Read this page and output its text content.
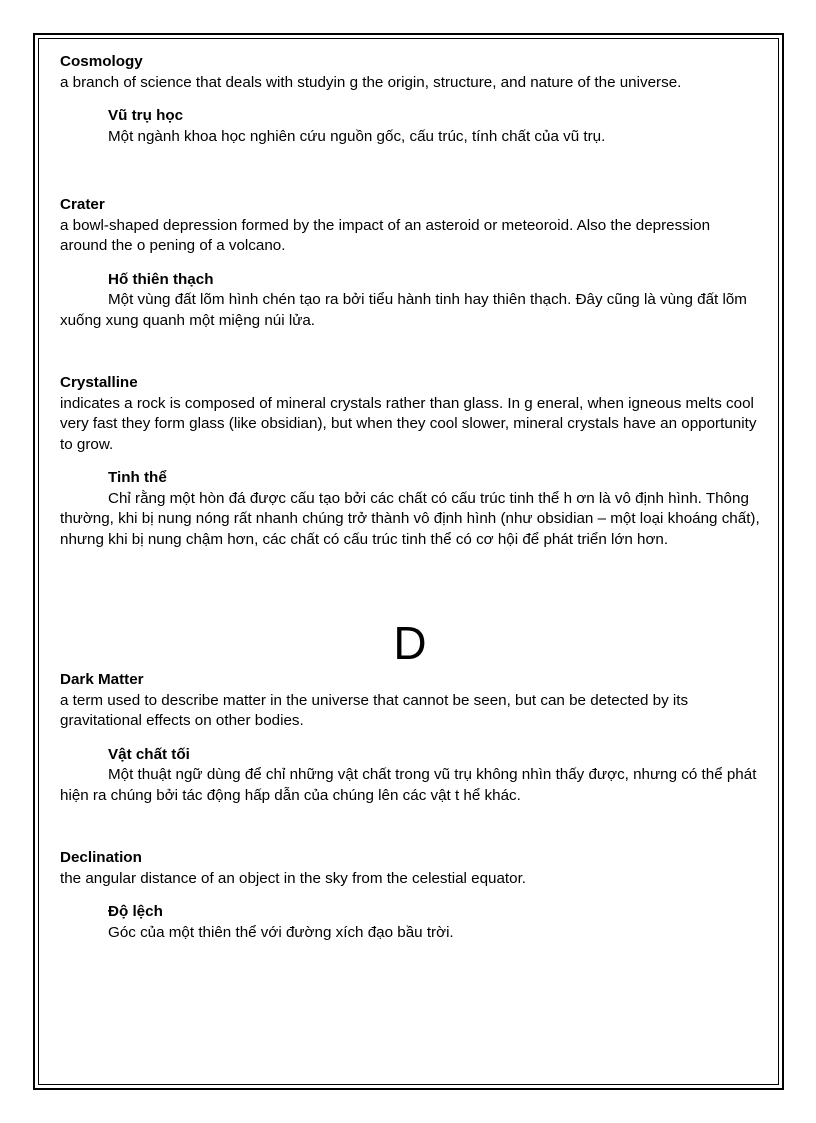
Cosmology

a branch of science that deals with studyin g the origin, structure, and nature of the universe.

Vũ trụ học

Một ngành khoa học nghiên cứu nguồn gốc, cấu trúc, tính chất của vũ trụ.

Crater

a bowl-shaped depression formed by the impact of an asteroid or meteoroid. Also the depression around the o pening of a volcano.

Hố thiên thạch

Một vùng đất lõm hình chén tạo ra bởi tiểu hành tinh hay thiên thạch. Đây cũng là vùng đất lõm xuống xung quanh một miệng núi lửa.

Crystalline

indicates a rock is composed of mineral crystals rather than glass. In g eneral, when igneous melts cool very fast they form glass (like obsidian), but when they cool slower, mineral crystals have an opportunity to grow.

Tinh thể

Chỉ rằng một hòn đá được cấu tạo bởi các chất có cấu trúc tinh thể h ơn là vô định hình. Thông thường, khi bị nung nóng rất nhanh chúng trở thành vô định hình (như obsidian – một loại khoáng chất), nhưng khi bị nung chậm hơn, các chất có cấu trúc tinh thể có cơ hội để phát triển lớn hơn.

D

Dark Matter

a term used to describe matter in the universe that cannot be seen, but can be detected by its gravitational effects on other bodies.

Vật chất tối

Một thuật ngữ dùng để chỉ những vật chất trong vũ trụ không nhìn thấy được, nhưng có thể phát hiện ra chúng bởi tác động hấp dẫn của chúng lên các vật t hể khác.

Declination

the angular distance of an object in the sky from the celestial equator.

Độ lệch

Góc của một thiên thể với đường xích đạo bầu trời.
